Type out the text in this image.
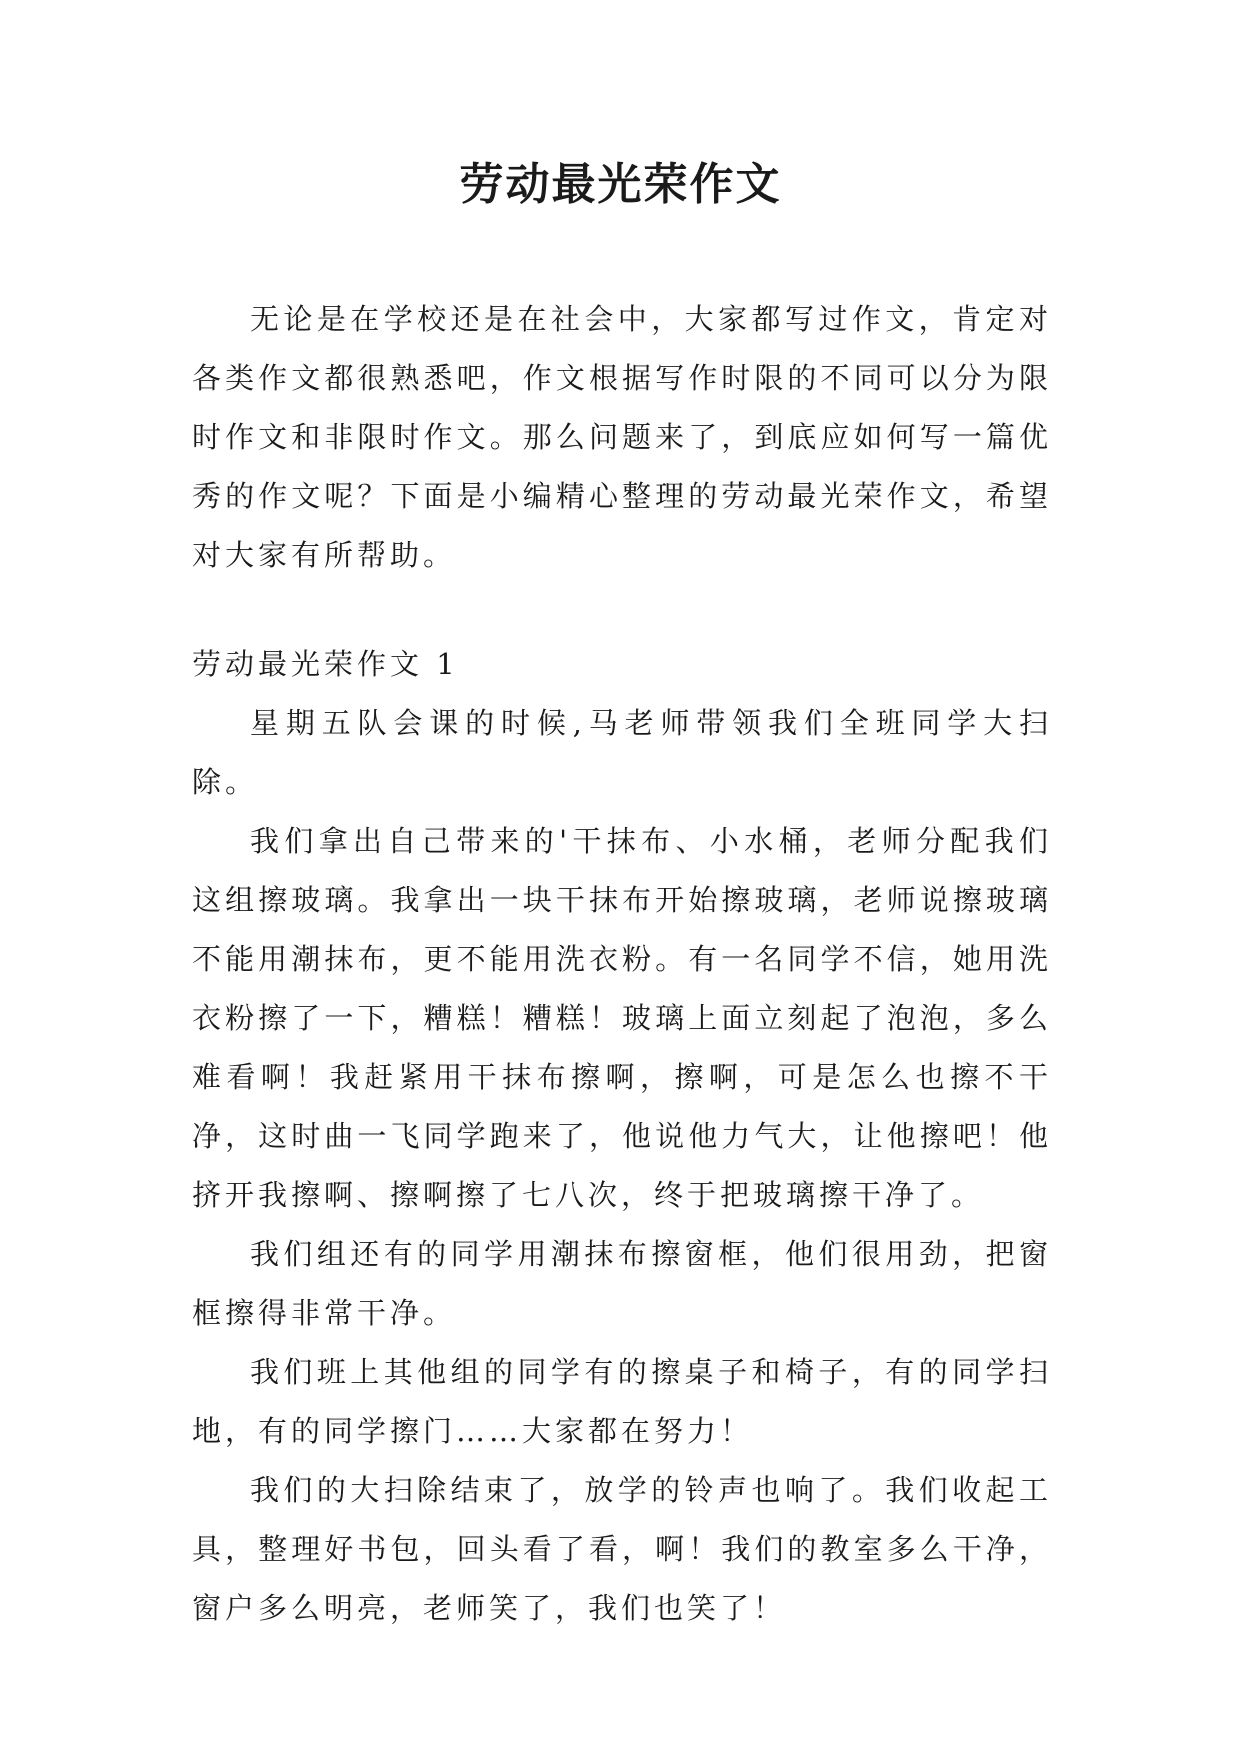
劳动最光荣作文

无论是在学校还是在社会中，大家都写过作文，肯定对各类作文都很熟悉吧，作文根据写作时限的不同可以分为限时作文和非限时作文。那么问题来了，到底应如何写一篇优秀的作文呢？下面是小编精心整理的劳动最光荣作文，希望对大家有所帮助。

劳动最光荣作文 1

星期五队会课的时候,马老师带领我们全班同学大扫除。

我们拿出自己带来的'干抹布、小水桶，老师分配我们这组擦玻璃。我拿出一块干抹布开始擦玻璃，老师说擦玻璃不能用潮抹布，更不能用洗衣粉。有一名同学不信，她用洗衣粉擦了一下，糟糕！糟糕！玻璃上面立刻起了泡泡，多么难看啊！我赶紧用干抹布擦啊，擦啊，可是怎么也擦不干净，这时曲一飞同学跑来了，他说他力气大，让他擦吧！他挤开我擦啊、擦啊擦了七八次，终于把玻璃擦干净了。

我们组还有的同学用潮抹布擦窗框，他们很用劲，把窗框擦得非常干净。

我们班上其他组的同学有的擦桌子和椅子，有的同学扫地，有的同学擦门……大家都在努力！

我们的大扫除结束了，放学的铃声也响了。我们收起工具，整理好书包，回头看了看，啊！我们的教室多么干净，窗户多么明亮，老师笑了，我们也笑了！
